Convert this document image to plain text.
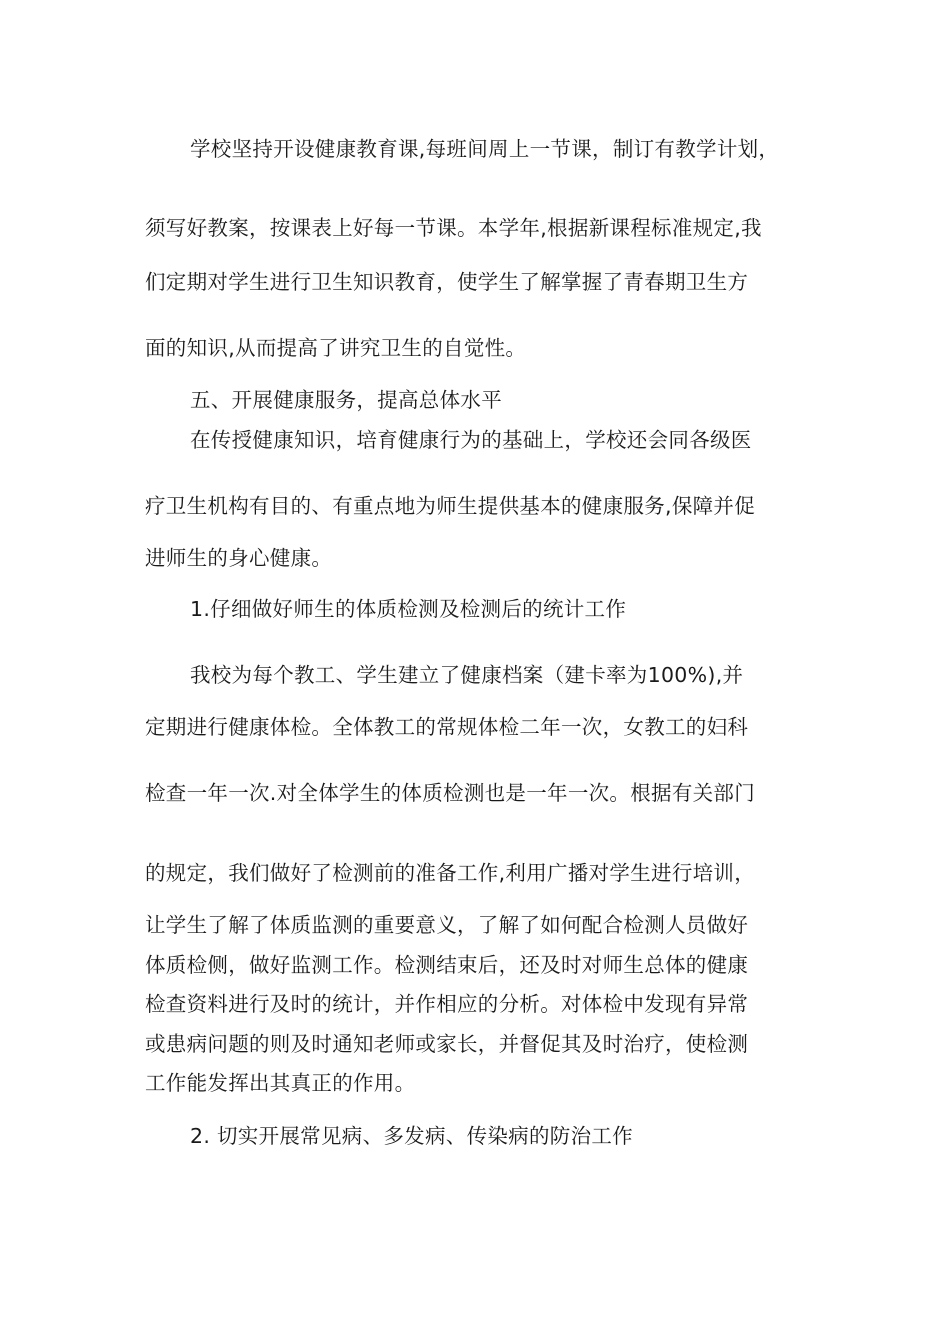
学校坚持开设健康教育课,每班间周上一节课，制订有教学计划，
须写好教案，按课表上好每一节课。本学年,根据新课程标准规定,我
们定期对学生进行卫生知识教育，使学生了解掌握了青春期卫生方
面的知识,从而提高了讲究卫生的自觉性。
五、开展健康服务，提高总体水平
在传授健康知识，培育健康行为的基础上，学校还会同各级医
疗卫生机构有目的、有重点地为师生提供基本的健康服务,保障并促
进师生的身心健康。
1.仔细做好师生的体质检测及检测后的统计工作
我校为每个教工、学生建立了健康档案（建卡率为100%),并
定期进行健康体检。全体教工的常规体检二年一次，女教工的妇科
检查一年一次.对全体学生的体质检测也是一年一次。根据有关部门
的规定，我们做好了检测前的准备工作,利用广播对学生进行培训，
让学生了解了体质监测的重要意义，了解了如何配合检测人员做好
体质检侧，做好监测工作。检测结束后，还及时对师生总体的健康
检查资料进行及时的统计，并作相应的分析。对体检中发现有异常
或患病问题的则及时通知老师或家长，并督促其及时治疗，使检测
工作能发挥出其真正的作用。
2. 切实开展常见病、多发病、传染病的防治工作
